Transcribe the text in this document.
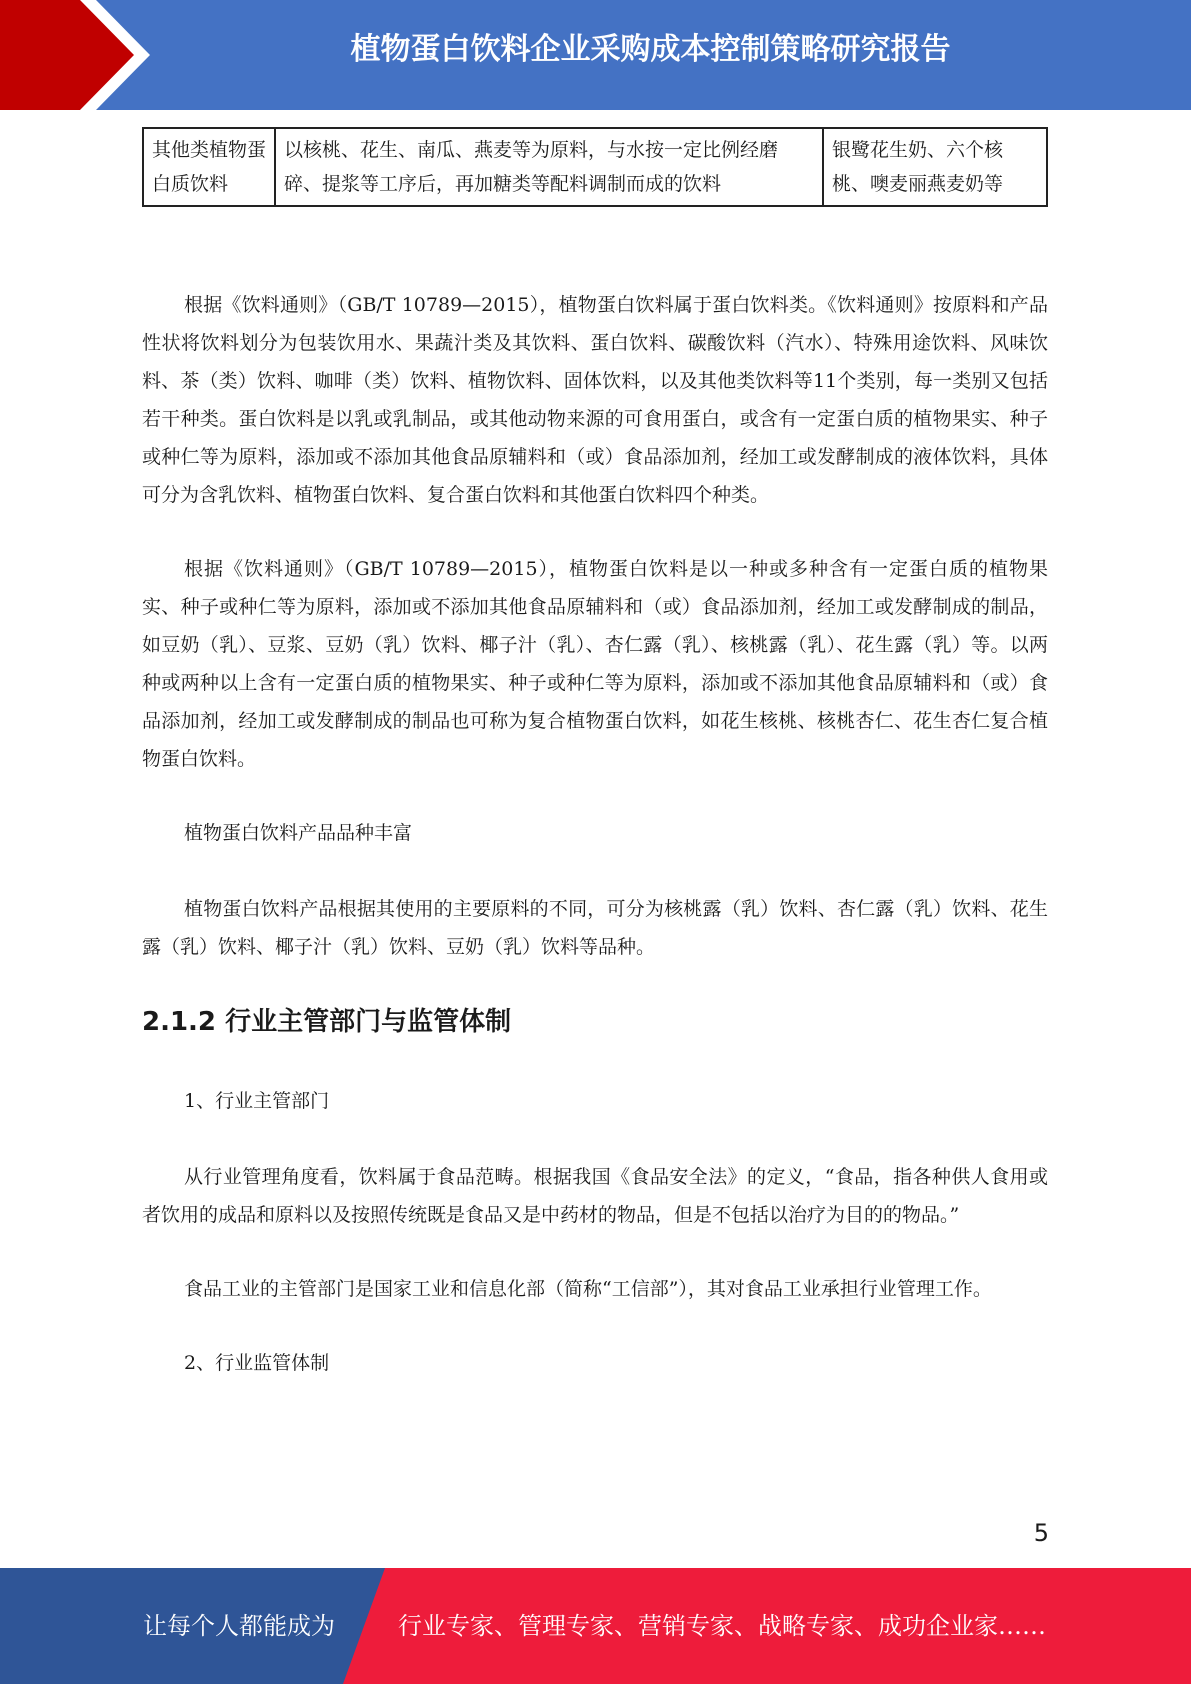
植物蛋白饮料企业采购成本控制策略研究报告
其他类植物蛋白质饮料	以核桃、花生、南瓜、燕麦等为原料，与水按一定比例经磨碎、提浆等工序后，再加糖类等配料调制而成的饮料	银鹭花生奶、六个核桃、噢麦丽燕麦奶等

根据《饮料通则》（GB/T 10789—2015），植物蛋白饮料属于蛋白饮料类。《饮料通则》按原料和产品性状将饮料划分为包装饮用水、果蔬汁类及其饮料、蛋白饮料、碳酸饮料（汽水）、特殊用途饮料、风味饮料、茶（类）饮料、咖啡（类）饮料、植物饮料、固体饮料，以及其他类饮料等11个类别，每一类别又包括若干种类。蛋白饮料是以乳或乳制品，或其他动物来源的可食用蛋白，或含有一定蛋白质的植物果实、种子或种仁等为原料，添加或不添加其他食品原辅料和（或）食品添加剂，经加工或发酵制成的液体饮料，具体可分为含乳饮料、植物蛋白饮料、复合蛋白饮料和其他蛋白饮料四个种类。

根据《饮料通则》（GB/T 10789—2015），植物蛋白饮料是以一种或多种含有一定蛋白质的植物果实、种子或种仁等为原料，添加或不添加其他食品原辅料和（或）食品添加剂，经加工或发酵制成的制品，如豆奶（乳）、豆浆、豆奶（乳）饮料、椰子汁（乳）、杏仁露（乳）、核桃露（乳）、花生露（乳）等。以两种或两种以上含有一定蛋白质的植物果实、种子或种仁等为原料，添加或不添加其他食品原辅料和（或）食品添加剂，经加工或发酵制成的制品也可称为复合植物蛋白饮料，如花生核桃、核桃杏仁、花生杏仁复合植物蛋白饮料。

植物蛋白饮料产品品种丰富

植物蛋白饮料产品根据其使用的主要原料的不同，可分为核桃露（乳）饮料、杏仁露（乳）饮料、花生露（乳）饮料、椰子汁（乳）饮料、豆奶（乳）饮料等品种。

2.1.2 行业主管部门与监管体制

1、行业主管部门

从行业管理角度看，饮料属于食品范畴。根据我国《食品安全法》的定义，“食品，指各种供人食用或者饮用的成品和原料以及按照传统既是食品又是中药材的物品，但是不包括以治疗为目的的物品。”

食品工业的主管部门是国家工业和信息化部（简称“工信部”），其对食品工业承担行业管理工作。

2、行业监管体制

5
让每个人都能成为	行业专家、管理专家、营销专家、战略专家、成功企业家……
